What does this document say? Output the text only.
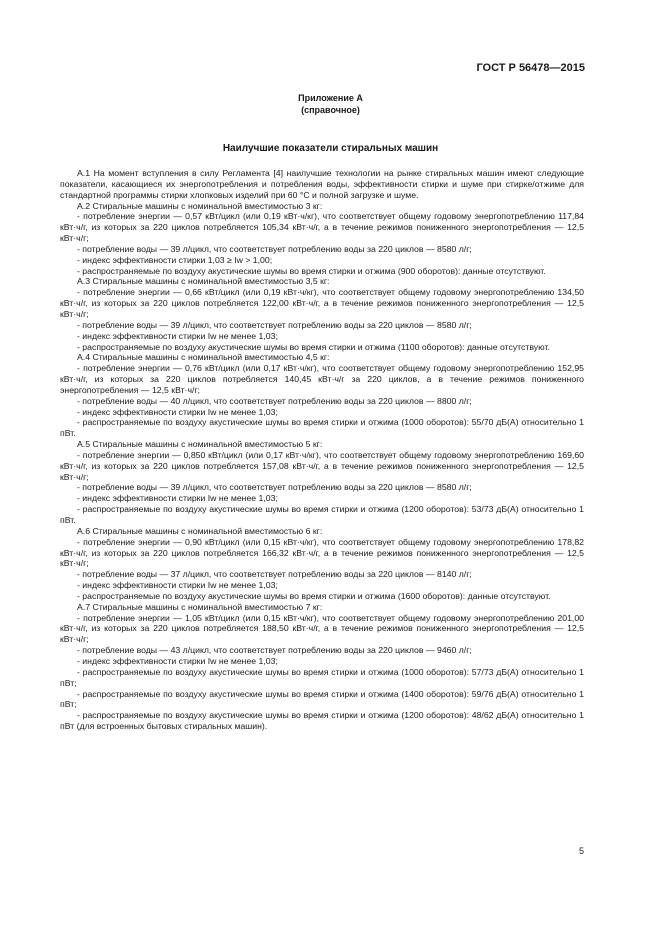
ГОСТ Р 56478—2015
Приложение А
(справочное)
Наилучшие показатели стиральных машин

А.1 На момент вступления в силу Регламента [4] наилучшие технологии на рынке стиральных машин имеют следующие показатели, касающиеся их энергопотребления и потребления воды, эффективности стирки и шуме при стирке/отжиме для стандартной программы стирки хлопковых изделий при 60 °С и полной загрузке и шуме.

А.2 Стиральные машины с номинальной вместимостью 3 кг:

- потребление энергии — 0,57 кВт/цикл (или 0,19 кВт·ч/кг), что соответствует общему годовому энергопотреблению 117,84 кВт·ч/г, из которых за 220 циклов потребляется 105,34 кВт·ч/г, а в течение режимов пониженного энергопотребления — 12,5 кВт·ч/г;

- потребление воды — 39 л/цикл, что соответствует потреблению воды за 220 циклов — 8580 л/г;

- индекс эффективности стирки 1,03 ≥ Iw > 1,00;

- распространяемые по воздуху акустические шумы во время стирки и отжима (900 оборотов): данные отсутствуют.

А.3 Стиральные машины с номинальной вместимостью 3,5 кг:

- потребление энергии — 0,66 кВт/цикл (или 0,19 кВт·ч/кг), что соответствует общему годовому энергопотреблению 134,50 кВт·ч/г, из которых за 220 циклов потребляется 122,00 кВт·ч/г, а в течение режимов пониженного энергопотребления — 12,5 кВт·ч/г;

- потребление воды — 39 л/цикл, что соответствует потреблению воды за 220 циклов — 8580 л/г;

- индекс эффективности стирки Iw не менее 1,03;

- распространяемые по воздуху акустические шумы во время стирки и отжима (1100 оборотов): данные отсутствуют.

А.4 Стиральные машины с номинальной вместимостью 4,5 кг:

- потребление энергии — 0,76 кВт/цикл (или 0,17 кВт·ч/кг), что соответствует общему годовому энергопотреблению 152,95 кВт·ч/г, из которых за 220 циклов потребляется 140,45 кВт·ч/г за 220 циклов, а в течение режимов пониженного энергопотребления — 12,5 кВт·ч/г;

- потребление воды — 40 л/цикл, что соответствует потреблению воды за 220 циклов — 8800 л/г;

- индекс эффективности стирки Iw не менее 1,03;

- распространяемые по воздуху акустические шумы во время стирки и отжима (1000 оборотов): 55/70 дБ(А) относительно 1 пВт.

А.5 Стиральные машины с номинальной вместимостью 5 кг:

- потребление энергии — 0,850 кВт/цикл (или 0,17 кВт·ч/кг), что соответствует общему годовому энергопотреблению 169,60 кВт·ч/г, из которых за 220 циклов потребляется 157,08 кВт·ч/г, а в течение режимов пониженного энергопотребления — 12,5 кВт·ч/г;

- потребление воды — 39 л/цикл, что соответствует потреблению воды за 220 циклов — 8580 л/г;

- индекс эффективности стирки Iw не менее 1,03;

- распространяемые по воздуху акустические шумы во время стирки и отжима (1200 оборотов): 53/73 дБ(А) относительно 1 пВт.

А.6 Стиральные машины с номинальной вместимостью 6 кг:

- потребление энергии — 0,90 кВт/цикл (или 0,15 кВт·ч/кг), что соответствует общему годовому энергопотреблению 178,82 кВт·ч/г, из которых за 220 циклов потребляется 166,32 кВт·ч/г, а в течение режимов пониженного энергопотребления — 12,5 кВт·ч/г;

- потребление воды — 37 л/цикл, что соответствует потреблению воды за 220 циклов — 8140 л/г;

- индекс эффективности стирки Iw не менее 1,03;

- распространяемые по воздуху акустические шумы во время стирки и отжима (1600 оборотов): данные отсутствуют.

А.7 Стиральные машины с номинальной вместимостью 7 кг:

- потребление энергии — 1,05 кВт/цикл (или 0,15 кВт·ч/кг), что соответствует общему годовому энергопотреблению 201,00 кВт·ч/г, из которых за 220 циклов потребляется 188,50 кВт·ч/г, а в течение режимов пониженного энергопотребления — 12,5 кВт·ч/г;

- потребление воды — 43 л/цикл, что соответствует потреблению воды за 220 циклов — 9460 л/г;

- индекс эффективности стирки Iw не менее 1,03;

- распространяемые по воздуху акустические шумы во время стирки и отжима (1000 оборотов): 57/73 дБ(А) относительно 1 пВт;

- распространяемые по воздуху акустические шумы во время стирки и отжима (1400 оборотов): 59/76 дБ(А) относительно 1 пВт;

- распространяемые по воздуху акустические шумы во время стирки и отжима (1200 оборотов): 48/62 дБ(А) относительно 1 пВт (для встроенных бытовых стиральных машин).

5
